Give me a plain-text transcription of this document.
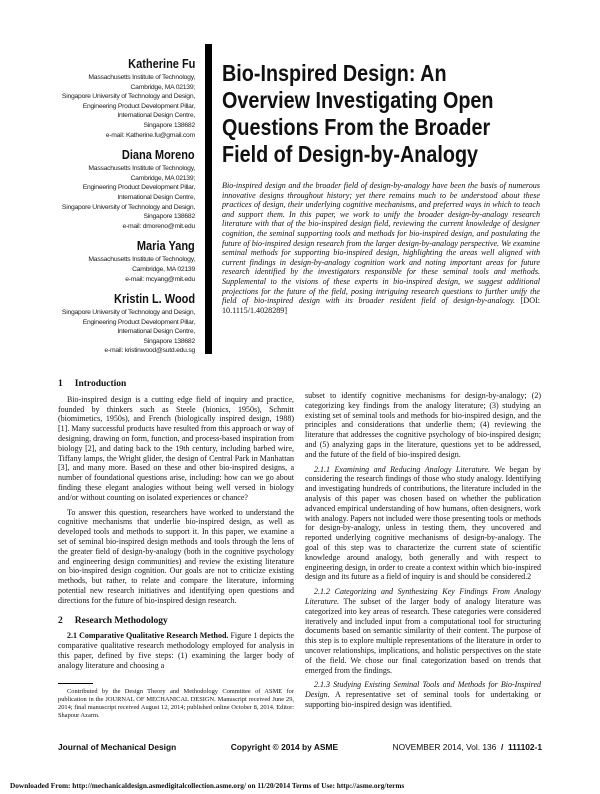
Katherine Fu
Massachusetts Institute of Technology,
Cambridge, MA 02139;
Singapore University of Technology and Design,
Engineering Product Development Pillar,
International Design Centre,
Singapore 138682
e-mail: Katherine.fu@gmail.com
Diana Moreno
Massachusetts Institute of Technology,
Cambridge, MA 02139;
Engineering Product Development Pillar,
International Design Centre,
Singapore University of Technology and Design,
Singapore 138682
e-mail: dmoreno@mit.edu
Maria Yang
Massachusetts Institute of Technology,
Cambridge, MA 02139
e-mail: mcyang@mit.edu
Kristin L. Wood
Singapore University of Technology and Design,
Engineering Product Development Pillar,
International Design Centre,
Singapore 138682
e-mail: kristinwood@sutd.edu.sg
Bio-Inspired Design: An Overview Investigating Open Questions From the Broader Field of Design-by-Analogy

Bio-inspired design and the broader field of design-by-analogy have been the basis of numerous innovative designs throughout history; yet there remains much to be understood about these practices of design, their underlying cognitive mechanisms, and preferred ways in which to teach and support them. In this paper, we work to unify the broader design-by-analogy research literature with that of the bio-inspired design field, reviewing the current knowledge of designer cognition, the seminal supporting tools and methods for bio-inspired design, and postulating the future of bio-inspired design research from the larger design-by-analogy perspective. We examine seminal methods for supporting bio-inspired design, highlighting the areas well aligned with current findings in design-by-analogy cognition work and noting important areas for future research identified by the investigators responsible for these seminal tools and methods. Supplemental to the visions of these experts in bio-inspired design, we suggest additional projections for the future of the field, posing intriguing research questions to further unify the field of bio-inspired design with its broader resident field of design-by-analogy. [DOI: 10.1115/1.4028289]

1 Introduction

Bio-inspired design is a cutting edge field of inquiry and practice, founded by thinkers such as Steele (bionics, 1950s), Schmitt (biomimetics, 1950s), and French (biologically inspired design, 1988) [1]. Many successful products have resulted from this approach or way of designing, drawing on form, function, and process-based inspiration from biology [2], and dating back to the 19th century, including barbed wire, Tiffany lamps, the Wright glider, the design of Central Park in Manhattan [3], and many more. Based on these and other bio-inspired designs, a number of foundational questions arise, including: how can we go about finding these elegant analogies without being well versed in biology and/or without counting on isolated experiences or chance?

To answer this question, researchers have worked to understand the cognitive mechanisms that underlie bio-inspired design, as well as developed tools and methods to support it. In this paper, we examine a set of seminal bio-inspired design methods and tools through the lens of the greater field of design-by-analogy (both in the cognitive psychology and engineering design communities) and review the existing literature on bio-inspired design cognition. Our goals are not to criticize existing methods, but rather, to relate and compare the literature, informing potential new research initiatives and identifying open questions and directions for the future of bio-inspired design research.

2 Research Methodology

2.1 Comparative Qualitative Research Method. Figure 1 depicts the comparative qualitative research methodology employed for analysis in this paper, defined by five steps: (1) examining the larger body of analogy literature and choosing a

Contributed by the Design Theory and Methodology Committee of ASME for publication in the JOURNAL OF MECHANICAL DESIGN. Manuscript received June 29, 2014; final manuscript received August 12, 2014; published online October 8, 2014. Editor: Shapour Azarm.

subset to identify cognitive mechanisms for design-by-analogy; (2) categorizing key findings from the analogy literature; (3) studying an existing set of seminal tools and methods for bio-inspired design, and the principles and considerations that underlie them; (4) reviewing the literature that addresses the cognitive psychology of bio-inspired design; and (5) analyzing gaps in the literature, questions yet to be addressed, and the future of the field of bio-inspired design.

2.1.1 Examining and Reducing Analogy Literature. We began by considering the research findings of those who study analogy. Identifying and investigating hundreds of contributions, the literature included in the analysis of this paper was chosen based on whether the publication advanced empirical understanding of how humans, often designers, work with analogy. Papers not included were those presenting tools or methods for design-by-analogy, unless in testing them, they uncovered and reported underlying cognitive mechanisms of design-by-analogy. The goal of this step was to characterize the current state of scientific knowledge around analogy, both generally and with respect to engineering design, in order to create a context within which bio-inspired design and its future as a field of inquiry is and should be considered.2

2.1.2 Categorizing and Synthesizing Key Findings From Analogy Literature. The subset of the larger body of analogy literature was categorized into key areas of research. These categories were considered iteratively and included input from a computational tool for structuring documents based on semantic similarity of their content. The purpose of this step is to explore multiple representations of the literature in order to uncover relationships, implications, and holistic perspectives on the state of the field. We chose our final categorization based on trends that emerged from the findings.

2.1.3 Studying Existing Seminal Tools and Methods for Bio-Inspired Design. A representative set of seminal tools for undertaking or supporting bio-inspired design was identified.

Journal of Mechanical Design	Copyright © 2014 by ASME	NOVEMBER 2014, Vol. 136 / 111102-1
Downloaded From: http://mechanicaldesign.asmedigitalcollection.asme.org/ on 11/20/2014 Terms of Use: http://asme.org/terms
